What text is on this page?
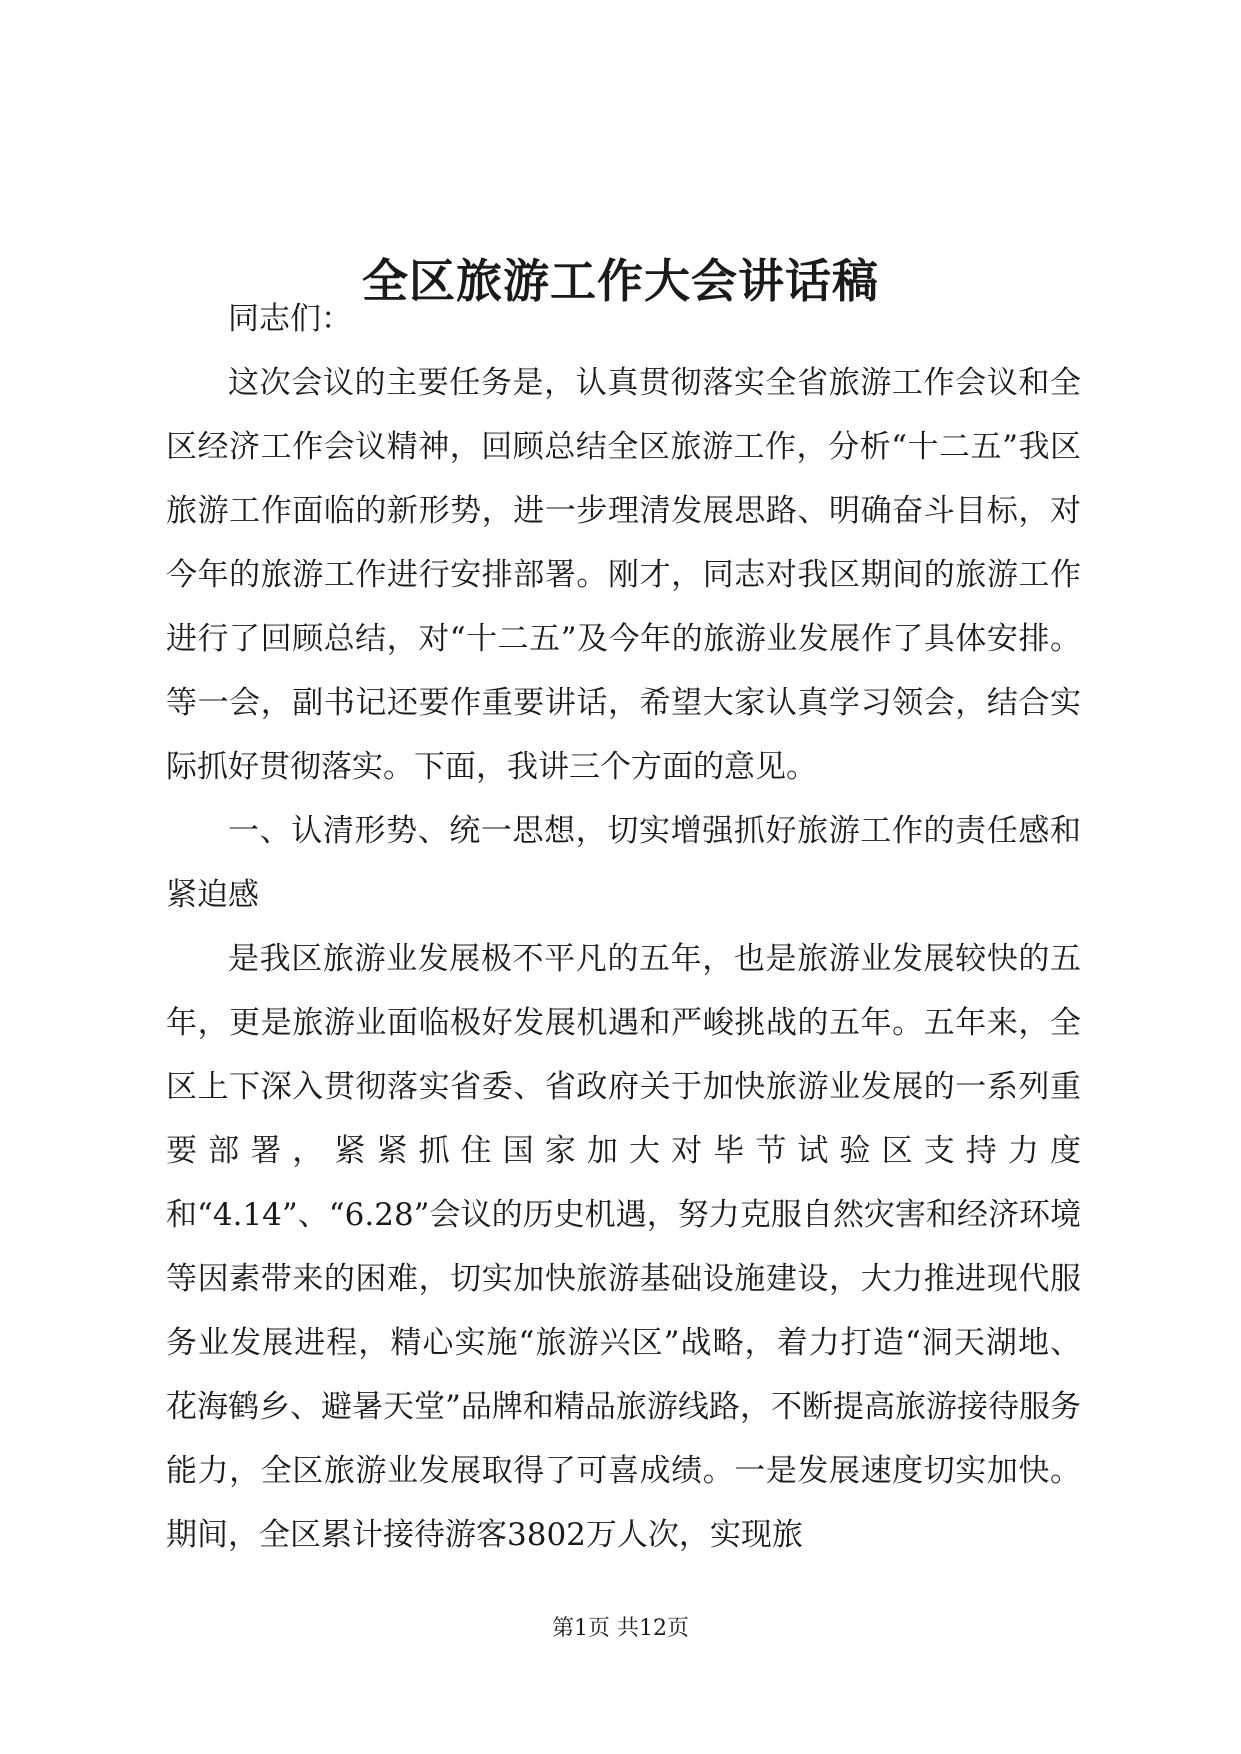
全区旅游工作大会讲话稿

同志们：

这次会议的主要任务是，认真贯彻落实全省旅游工作会议和全区经济工作会议精神，回顾总结全区旅游工作，分析“十二五”我区旅游工作面临的新形势，进一步理清发展思路、明确奋斗目标，对今年的旅游工作进行安排部署。刚才，同志对我区期间的旅游工作进行了回顾总结，对“十二五”及今年的旅游业发展作了具体安排。等一会，副书记还要作重要讲话，希望大家认真学习领会，结合实际抓好贯彻落实。下面，我讲三个方面的意见。

一、认清形势、统一思想，切实增强抓好旅游工作的责任感和紧迫感

是我区旅游业发展极不平凡的五年，也是旅游业发展较快的五年，更是旅游业面临极好发展机遇和严峻挑战的五年。五年来，全区上下深入贯彻落实省委、省政府关于加快旅游业发展的一系列重要部署，紧紧抓住国家加大对毕节试验区支持力度和“4.14”、“6.28”会议的历史机遇，努力克服自然灾害和经济环境等因素带来的困难，切实加快旅游基础设施建设，大力推进现代服务业发展进程，精心实施“旅游兴区”战略，着力打造“洞天湖地、花海鹤乡、避暑天堂”品牌和精品旅游线路，不断提高旅游接待服务能力，全区旅游业发展取得了可喜成绩。一是发展速度切实加快。期间，全区累计接待游客3802万人次，实现旅

第1页 共12页
